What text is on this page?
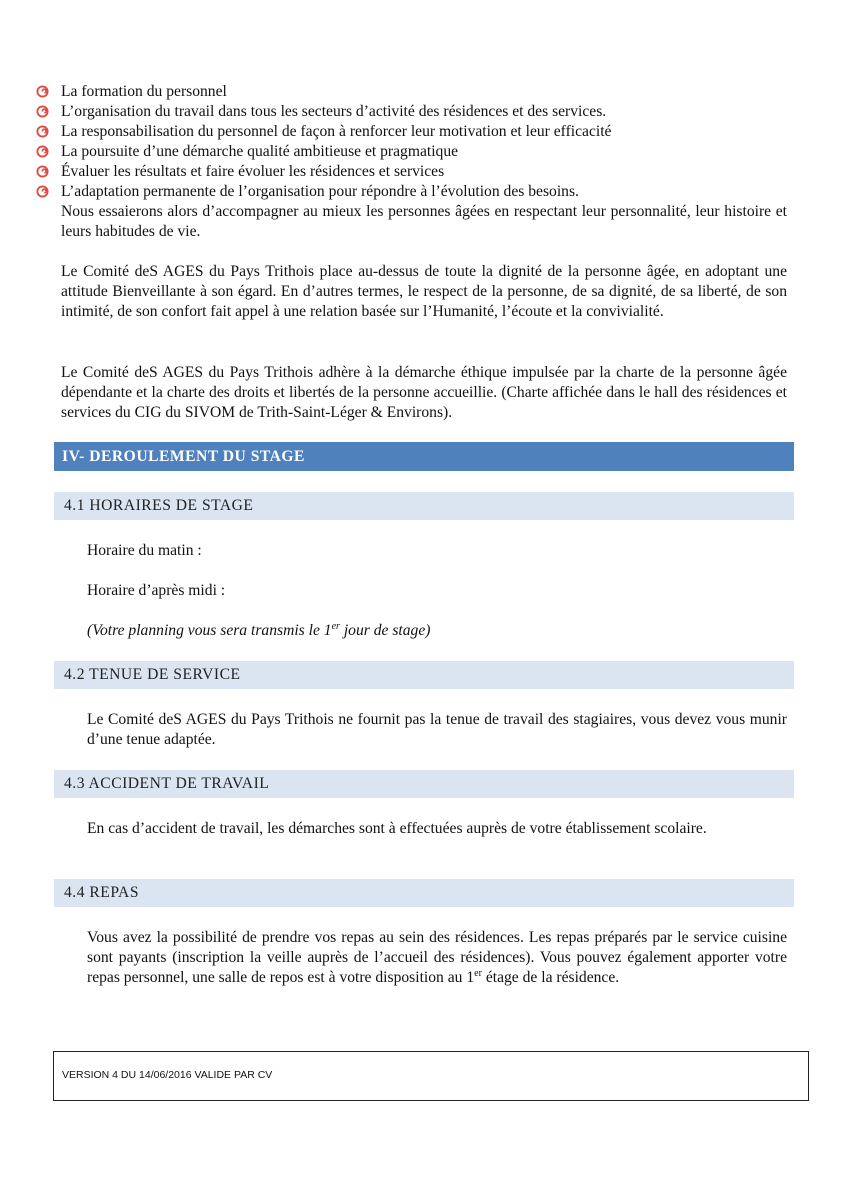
La formation du personnel
L’organisation du travail dans tous les secteurs d’activité des résidences et des services.
La responsabilisation du personnel de façon à renforcer leur motivation et leur efficacité
La poursuite d’une démarche qualité ambitieuse et pragmatique
Évaluer les résultats et faire évoluer les résidences et services
L’adaptation permanente de l’organisation pour répondre à l’évolution des besoins.

Nous essaierons alors d’accompagner au mieux les personnes âgées en respectant leur personnalité, leur histoire et leurs habitudes de vie.

Le Comité deS AGES du Pays Trithois place au-dessus de toute la dignité de la personne âgée, en adoptant une attitude Bienveillante à son égard. En d’autres termes, le respect de la personne, de sa dignité, de sa liberté, de son intimité, de son confort fait appel à une relation basée sur l’Humanité, l’écoute et la convivialité.

Le Comité deS AGES du Pays Trithois adhère à la démarche éthique impulsée par la charte de la personne âgée dépendante et la charte des droits et libertés de la personne accueillie. (Charte affichée dans le hall des résidences et services du CIG du SIVOM de Trith-Saint-Léger & Environs).

IV- DEROULEMENT DU STAGE
4.1 HORAIRES DE STAGE
Horaire du matin :
Horaire d’après midi :
(Votre planning vous sera transmis le 1er jour de stage)
4.2 TENUE DE SERVICE

Le Comité deS AGES du Pays Trithois ne fournit pas la tenue de travail des stagiaires, vous devez vous munir d’une tenue adaptée.

4.3 ACCIDENT DE TRAVAIL

En cas d’accident de travail, les démarches sont à effectuées auprès de votre établissement scolaire.

4.4 REPAS

Vous avez la possibilité de prendre vos repas au sein des résidences. Les repas préparés par le service cuisine sont payants (inscription la veille auprès de l’accueil des résidences). Vous pouvez également apporter votre repas personnel, une salle de repos est à votre disposition au 1er étage de la résidence.

VERSION 4 DU 14/06/2016 VALIDE PAR CV
